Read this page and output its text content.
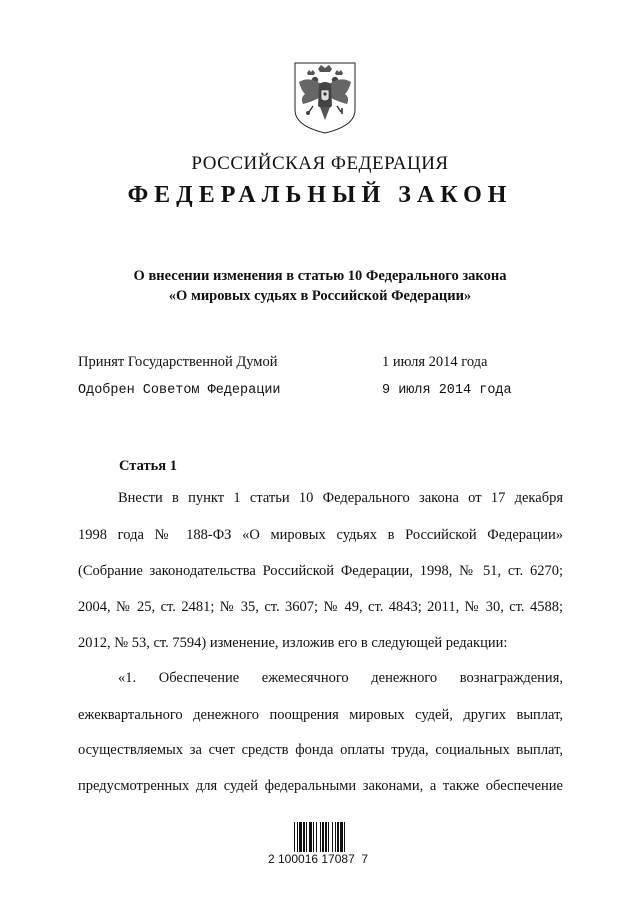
РОССИЙСКАЯ ФЕДЕРАЦИЯ
ФЕДЕРАЛЬНЫЙ ЗАКОН
О внесении изменения в статью 10 Федерального закона
«О мировых судьях в Российской Федерации»
Принят Государственной Думой	1 июля 2014 года
Одобрен Советом Федерации	9 июля 2014 года
Статья 1
Внести в пункт 1 статьи 10 Федерального закона от 17 декабря
1998 года № 188-ФЗ «О мировых судьях в Российской Федерации»
(Собрание законодательства Российской Федерации, 1998, № 51, ст. 6270;
2004, № 25, ст. 2481; № 35, ст. 3607; № 49, ст. 4843; 2011, № 30, ст. 4588;
2012, № 53, ст. 7594) изменение, изложив его в следующей редакции:
«1. Обеспечение ежемесячного денежного вознаграждения,
ежеквартального денежного поощрения мировых судей, других выплат,
осуществляемых за счет средств фонда оплаты труда, социальных выплат,
предусмотренных для судей федеральными законами, а также обеспечение
2 100016 17087  7
